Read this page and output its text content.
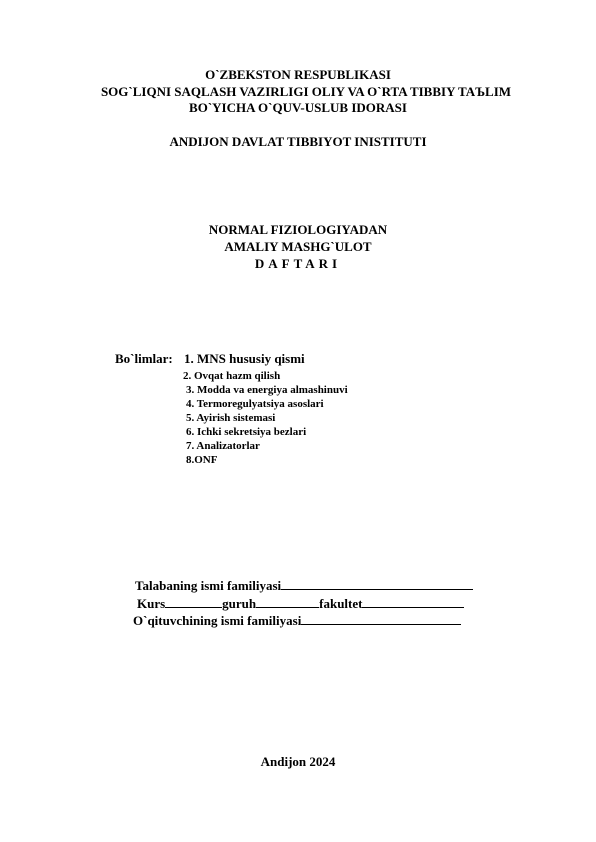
O`ZBEKSTON RESPUBLIKASI
SOG`LIQNI SAQLASH VAZIRLIGI OLIY VA O`RTA TIBBIY TAЪLIM
BO`YICHA O`QUV-USLUB IDORASI
ANDIJON DAVLAT TIBBIYOT INISTITUTI
NORMAL FIZIOLOGIYADAN
AMALIY MASHG`ULOT
DAFTARI
Bo`limlar: 1. MNS hususiy qismi
2. Ovqat hazm qilish
3. Modda va energiya almashinuvi
4. Termoregulyatsiya asoslari
5. Ayirish sistemasi
6. Ichki sekretsiya bezlari
7. Analizatorlar
8.ONF
Talabaning ismi familiyasi
Kurs	guruh	fakultet
O`qituvchining ismi familiyasi
Andijon 2024
